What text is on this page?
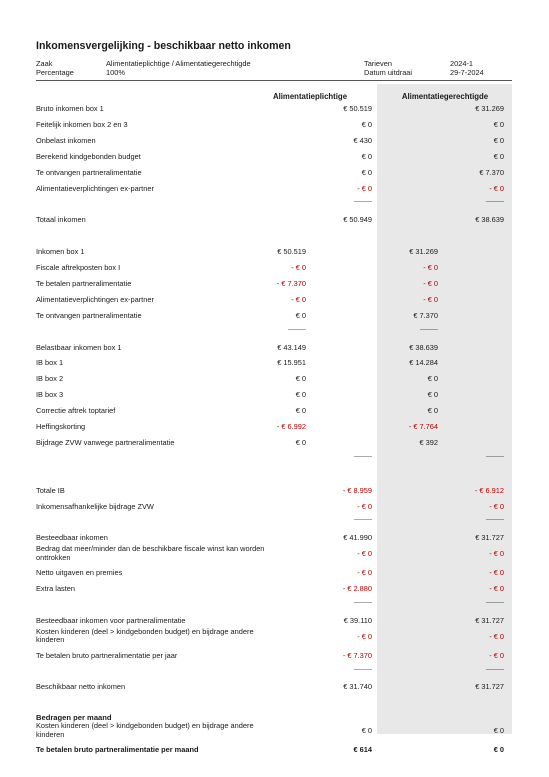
Inkomensvergelijking - beschikbaar netto inkomen
Zaak	Alimentatieplichtige / Alimentatiegerechtigde
Percentage	100%
Tarieven	2024-1
Datum uitdraai	29-7-2024
Alimentatieplichtige	Alimentatiegerechtigde
Bruto inkomen box 1	€ 50.519	€ 31.269
Feitelijk inkomen box 2 en 3	€ 0	€ 0
Onbelast inkomen	€ 430	€ 0
Berekend kindgebonden budget	€ 0	€ 0
Te ontvangen partneralimentatie	€ 0	€ 7.370
Alimentatieverplichtingen ex-partner	- € 0	- € 0
---------	---------
Totaal inkomen	€ 50.949	€ 38.639
Inkomen box 1	€ 50.519	€ 31.269
Fiscale aftrekposten box I	- € 0	- € 0
Te betalen partneralimentatie	- € 7.370	- € 0
Alimentatieverplichtingen ex-partner	- € 0	- € 0
Te ontvangen partneralimentatie	€ 0	€ 7.370
---------	---------
Belastbaar inkomen box 1	€ 43.149	€ 38.639
IB box 1	€ 15.951	€ 14.284
IB box 2	€ 0	€ 0
IB box 3	€ 0	€ 0
Correctie aftrek toptarief	€ 0	€ 0
Heffingskorting	- € 6.992	- € 7.764
Bijdrage ZVW vanwege partneralimentatie	€ 0	€ 392
---------	---------
Totale IB	- € 8.959	- € 6.912
Inkomensafhankelijke bijdrage ZVW	- € 0	- € 0
---------	---------
Besteedbaar inkomen	€ 41.990	€ 31.727
Bedrag dat meer/minder dan de beschikbare fiscale winst kan worden onttrokken	- € 0	- € 0
Netto uitgaven en premies	- € 0	- € 0
Extra lasten	- € 2.880	- € 0
---------	---------
Besteedbaar inkomen voor partneralimentatie	€ 39.110	€ 31.727
Kosten kinderen (deel > kindgebonden budget) en bijdrage andere kinderen	- € 0	- € 0
Te betalen bruto partneralimentatie per jaar	- € 7.370	- € 0
---------	---------
Beschikbaar netto inkomen	€ 31.740	€ 31.727
Bedragen per maand
Kosten kinderen (deel > kindgebonden budget) en bijdrage andere kinderen	€ 0	€ 0
Te betalen bruto partneralimentatie per maand	€ 614	€ 0
